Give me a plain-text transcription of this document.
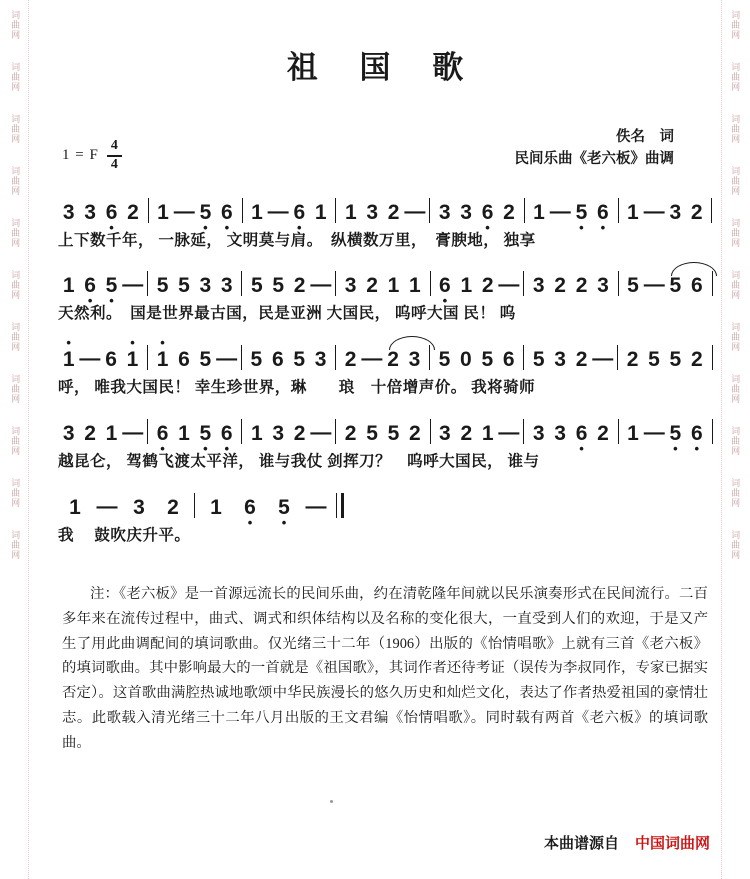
词曲网
词曲网
词曲网
词曲网
词曲网
词曲网
词曲网
词曲网
词曲网
词曲网
词曲网
词曲网
词曲网
词曲网
词曲网
词曲网
词曲网
词曲网
词曲网
词曲网
词曲网
词曲网
祖 国 歌
佚名　词
民间乐曲《老六板》曲调
1 = F
4
4
3 3 6
•
2 1 — 5
•
6
•
1 — 6
•
1 1 3 2 — 3 3 6
•
2 1 — 5
•
6
•
1 — 3 2
上下数千年， 一脉延， 文明莫与肩。　纵横数万里，　膏腴地， 独享
1 6
•
5
•
— 5 5 3 3 5 5 2 — 3 2 1 1 6
•
1 2 — 3 2 2 3 5 — 5 6
天然利。　国是世界最古国，民是亚洲 大国民， 呜呼大国 民！ 呜
1
•
— 6 1
•
1
•
6 5 — 5 6 5 3 2 — 2 3 5 0 5 6 5 3 2 — 2 5 5 2
呼， 唯我大国民！ 幸生珍世界，琳　　琅　十倍增声价。 我将骑师
3 2 1 — 6
•
1 5
•
6
•
1 3 2 — 2 5 5 2 3 2 1 — 3 3 6
•
2 1 — 5
•
6
•
越昆仑， 驾鹤飞渡太平洋， 谁与我仗 剑挥刀？　呜呼大国民， 谁与
1 — 3	2	1	6
•
5
•
—
我　 鼓吹庆升平。
注：《老六板》是一首源远流长的民间乐曲，约在清乾隆年间就以民乐演奏形式在民间流行。二百多年来在流传过程中，曲式、调式和织体结构以及名称的变化很大，一直受到人们的欢迎，于是又产生了用此曲调配间的填词歌曲。仅光绪三十二年（1906）出版的《怡情唱歌》上就有三首《老六板》的填词歌曲。其中影响最大的一首就是《祖国歌》，其词作者还待考证（误传为李叔同作，专家已据实否定）。这首歌曲满腔热诚地歌颂中华民族漫长的悠久历史和灿烂文化，表达了作者热爱祖国的豪情壮志。此歌载入清光绪三十二年八月出版的王文君编《怡情唱歌》。同时载有两首《老六板》的填词歌曲。
本曲谱源自 中国词曲网
